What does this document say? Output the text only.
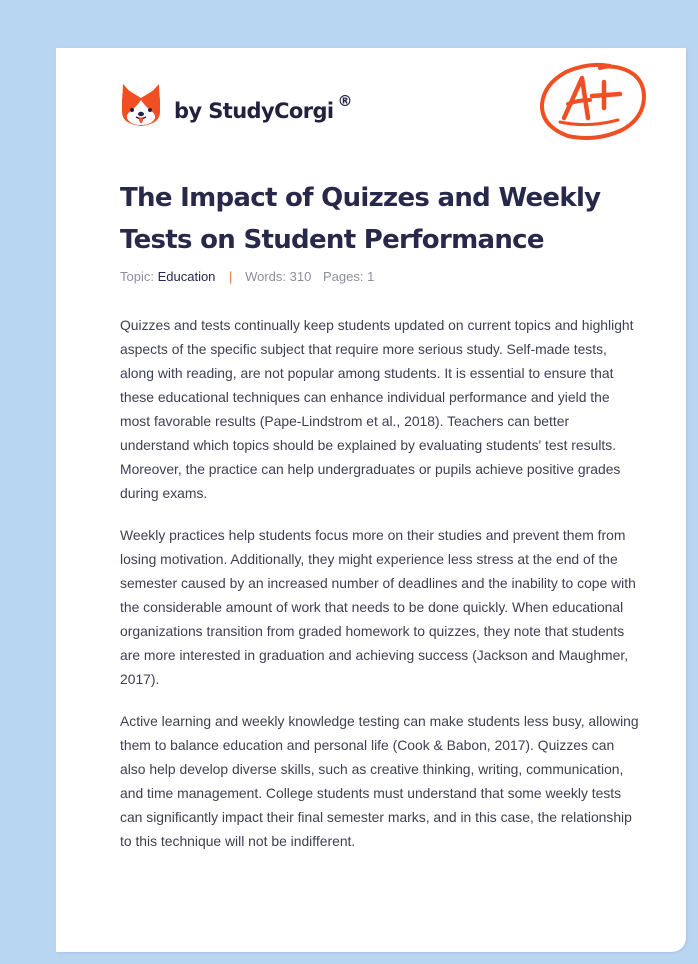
by StudyCorgi ®
The Impact of Quizzes and Weekly Tests on Student Performance
Topic: Education | Words: 310 Pages: 1

Quizzes and tests continually keep students updated on current topics and highlight aspects of the specific subject that require more serious study. Self-made tests, along with reading, are not popular among students. It is essential to ensure that these educational techniques can enhance individual performance and yield the most favorable results (Pape-Lindstrom et al., 2018). Teachers can better understand which topics should be explained by evaluating students' test results. Moreover, the practice can help undergraduates or pupils achieve positive grades during exams.

Weekly practices help students focus more on their studies and prevent them from losing motivation. Additionally, they might experience less stress at the end of the semester caused by an increased number of deadlines and the inability to cope with the considerable amount of work that needs to be done quickly. When educational organizations transition from graded homework to quizzes, they note that students are more interested in graduation and achieving success (Jackson and Maughmer, 2017).

Active learning and weekly knowledge testing can make students less busy, allowing them to balance education and personal life (Cook & Babon, 2017). Quizzes can also help develop diverse skills, such as creative thinking, writing, communication, and time management. College students must understand that some weekly tests can significantly impact their final semester marks, and in this case, the relationship to this technique will not be indifferent.
